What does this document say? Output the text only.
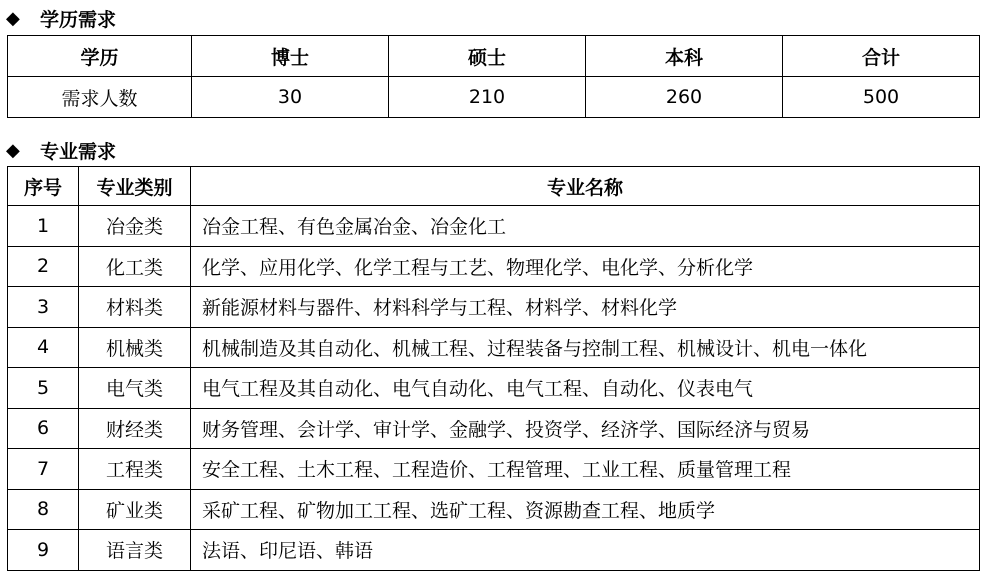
◆	学历需求
学历	博士	硕士	本科	合计
需求人数	30	210	260	500
◆	专业需求
序号	专业类别	专业名称
1	冶金类	冶金工程、有色金属冶金、冶金化工
2	化工类	化学、应用化学、化学工程与工艺、物理化学、电化学、分析化学
3	材料类	新能源材料与器件、材料科学与工程、材料学、材料化学
4	机械类	机械制造及其自动化、机械工程、过程装备与控制工程、机械设计、机电一体化
5	电气类	电气工程及其自动化、电气自动化、电气工程、自动化、仪表电气
6	财经类	财务管理、会计学、审计学、金融学、投资学、经济学、国际经济与贸易
7	工程类	安全工程、土木工程、工程造价、工程管理、工业工程、质量管理工程
8	矿业类	采矿工程、矿物加工工程、选矿工程、资源勘查工程、地质学
9	语言类	法语、印尼语、韩语
